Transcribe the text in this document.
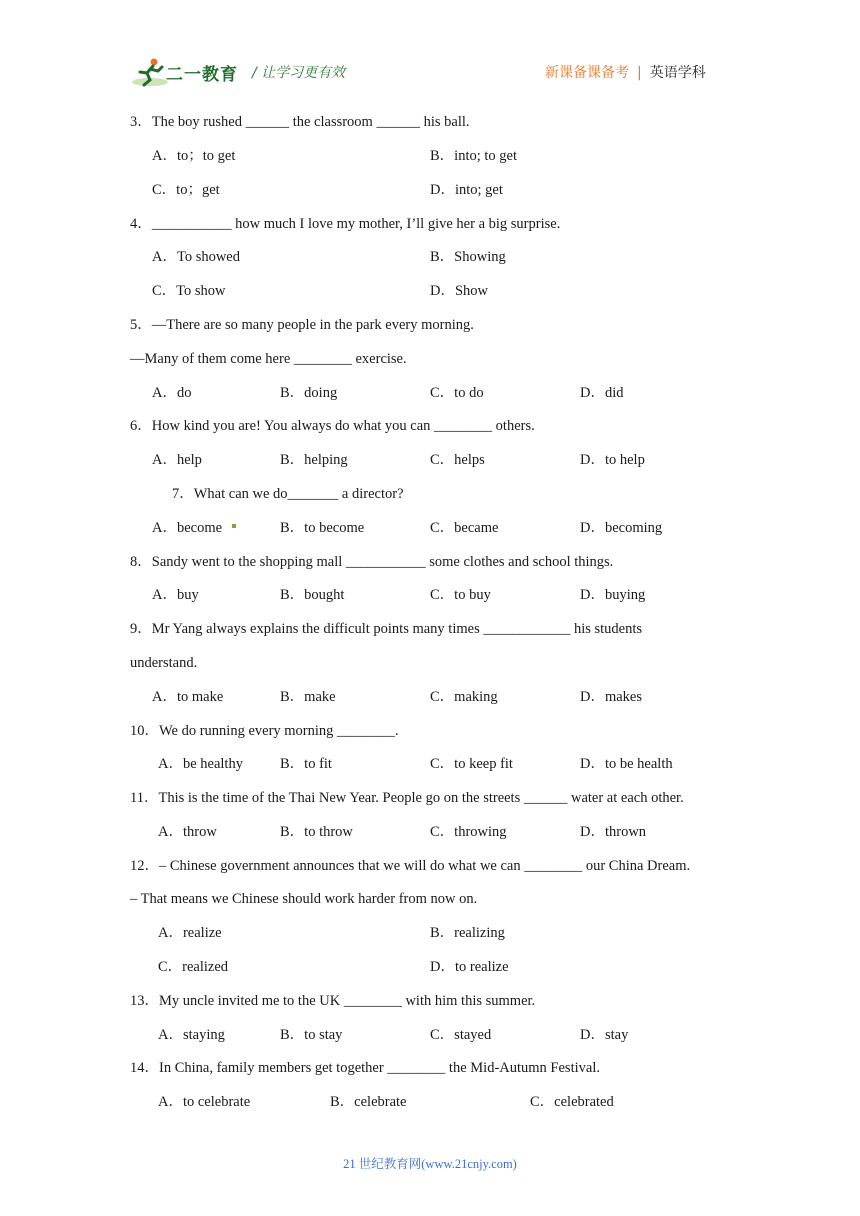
二一教育 / 让学习更有效	新课备课备考 | 英语学科
3．The boy rushed ______ the classroom ______ his ball.
A．to；to get	B．into; to get
C．to；get	D．into; get
4．___________ how much I love my mother, I’ll give her a big surprise.
A．To showed	B．Showing
C．To show	D．Show
5．—There are so many people in the park every morning.
—Many of them come here ________ exercise.
A．do	B．doing	C．to do	D．did
6．How kind you are! You always do what you can ________ others.
A．help	B．helping	C．helps	D．to help
7．What can we do_______ a director?
A．become	B．to become	C．became	D．becoming
8．Sandy went to the shopping mall ___________ some clothes and school things.
A．buy	B．bought	C．to buy	D．buying
9．Mr Yang always explains the difficult points many times ____________ his students
understand.
A．to make	B．make	C．making	D．makes
10．We do running every morning ________.
A．be healthy	B．to fit	C．to keep fit	D．to be health
11．This is the time of the Thai New Year. People go on the streets ______ water at each other.
A．throw	B．to throw	C．throwing	D．thrown
12．– Chinese government announces that we will do what we can ________ our China Dream.
– That means we Chinese should work harder from now on.
A．realize	B．realizing
C．realized	D．to realize
13．My uncle invited me to the UK ________ with him this summer.
A．staying	B．to stay	C．stayed	D．stay
14．In China, family members get together ________ the Mid-Autumn Festival.
A．to celebrate	B．celebrate	C．celebrated
21 世纪教育网(www.21cnjy.com)
